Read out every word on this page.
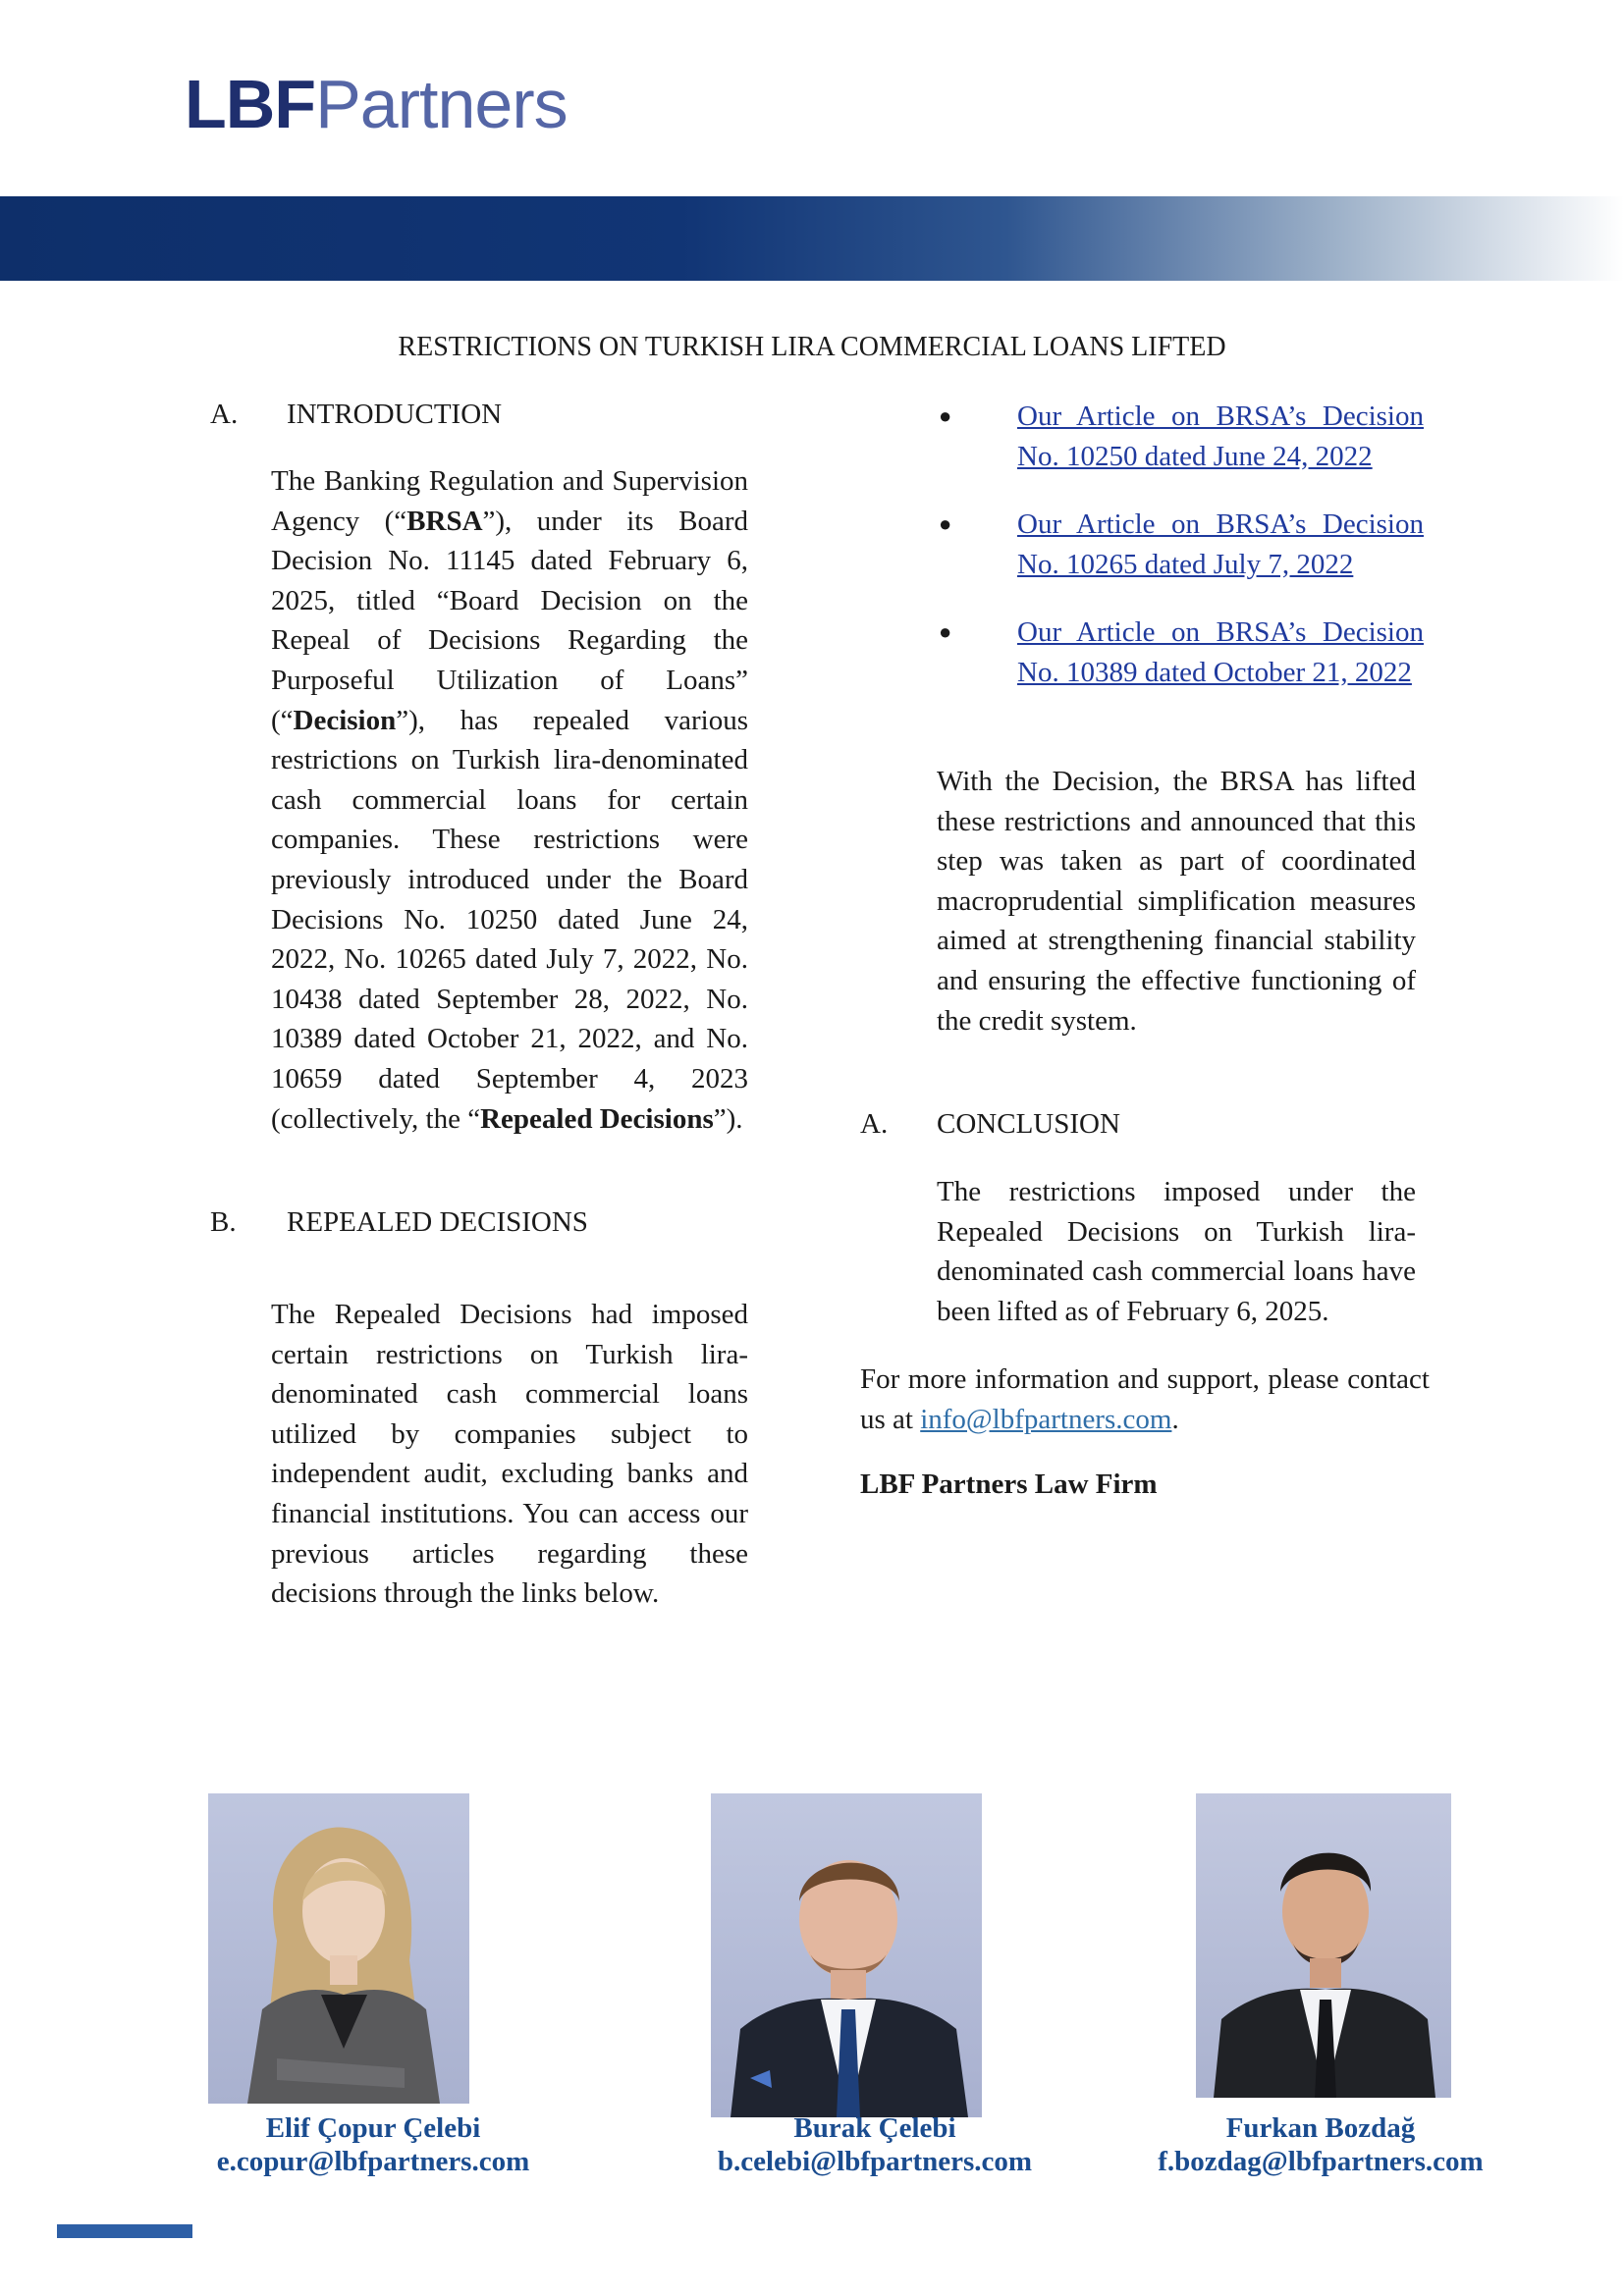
LBFPartners
RESTRICTIONS ON TURKISH LIRA COMMERCIAL LOANS LIFTED
A. INTRODUCTION
The Banking Regulation and Supervision Agency (“BRSA”), under its Board Decision No. 11145 dated February 6, 2025, titled “Board Decision on the Repeal of Decisions Regarding the Purposeful Utilization of Loans” (“Decision”), has repealed various restrictions on Turkish lira-denominated cash commercial loans for certain companies. These restrictions were previously introduced under the Board Decisions No. 10250 dated June 24, 2022, No. 10265 dated July 7, 2022, No. 10438 dated September 28, 2022, No. 10389 dated October 21, 2022, and No. 10659 dated September 4, 2023 (collectively, the “Repealed Decisions”).
B. REPEALED DECISIONS
The Repealed Decisions had imposed certain restrictions on Turkish lira-denominated cash commercial loans utilized by companies subject to independent audit, excluding banks and financial institutions. You can access our previous articles regarding these decisions through the links below.
● Our Article on BRSA’s Decision No. 10250 dated June 24, 2022
● Our Article on BRSA’s Decision No. 10265 dated July 7, 2022
● Our Article on BRSA’s Decision No. 10389 dated October 21, 2022
With the Decision, the BRSA has lifted these restrictions and announced that this step was taken as part of coordinated macroprudential simplification measures aimed at strengthening financial stability and ensuring the effective functioning of the credit system.
A. CONCLUSION
The restrictions imposed under the Repealed Decisions on Turkish lira-denominated cash commercial loans have been lifted as of February 6, 2025.
For more information and support, please contact us at info@lbfpartners.com.
LBF Partners Law Firm
Elif Çopur Çelebi
e.copur@lbfpartners.com
Burak Çelebi
b.celebi@lbfpartners.com
Furkan Bozdağ
f.bozdag@lbfpartners.com
